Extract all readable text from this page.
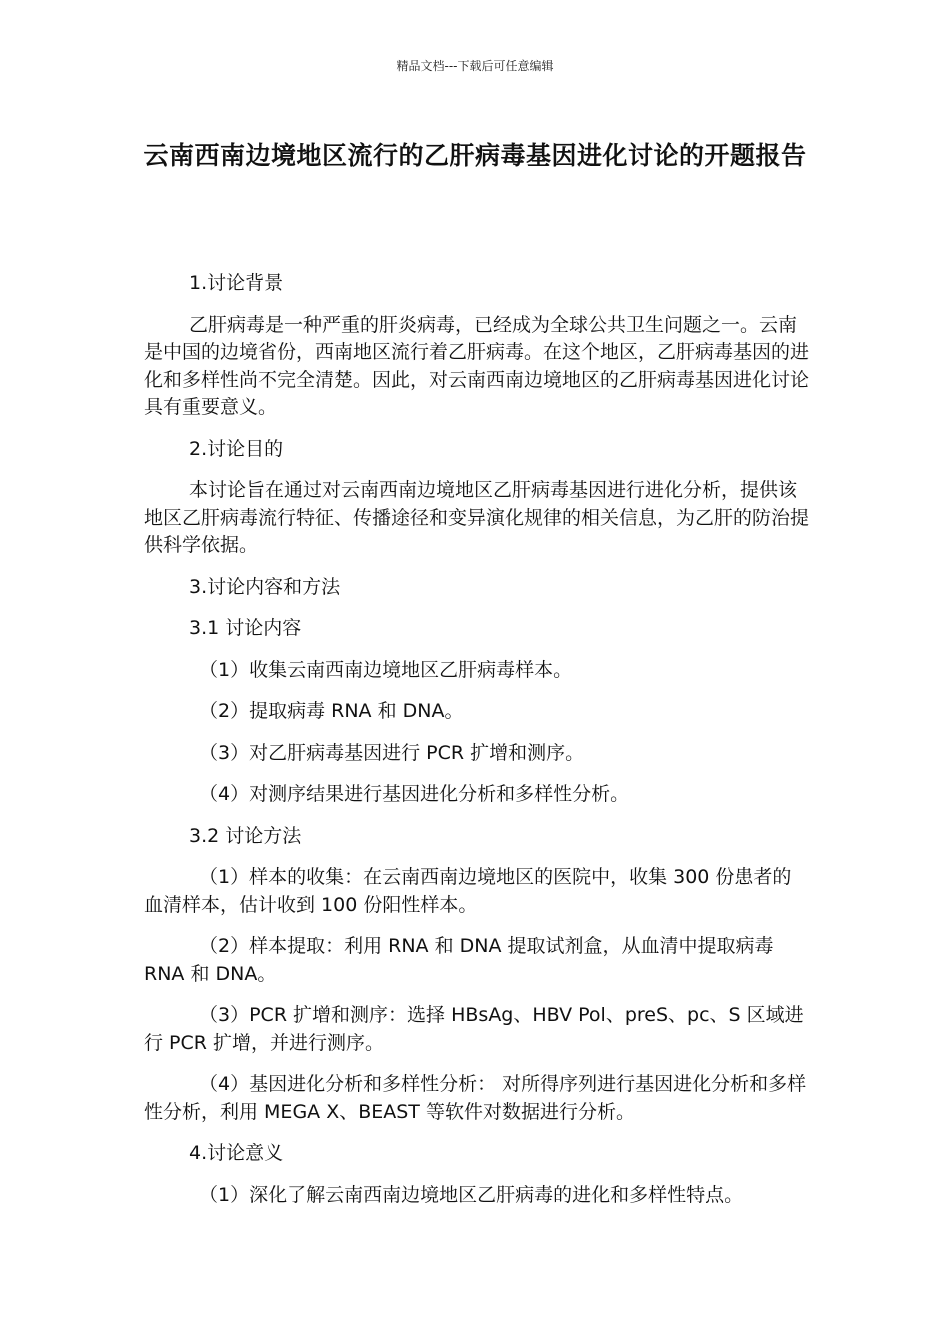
精品文档---下载后可任意编辑
云南西南边境地区流行的乙肝病毒基因进化讨论的开题报告

1.讨论背景

乙肝病毒是一种严重的肝炎病毒，已经成为全球公共卫生问题之一。云南是中国的边境省份，西南地区流行着乙肝病毒。在这个地区，乙肝病毒基因的进化和多样性尚不完全清楚。因此，对云南西南边境地区的乙肝病毒基因进化讨论具有重要意义。

2.讨论目的

本讨论旨在通过对云南西南边境地区乙肝病毒基因进行进化分析，提供该地区乙肝病毒流行特征、传播途径和变异演化规律的相关信息，为乙肝的防治提供科学依据。

3.讨论内容和方法

3.1 讨论内容

（1）收集云南西南边境地区乙肝病毒样本。

（2）提取病毒 RNA 和 DNA。

（3）对乙肝病毒基因进行 PCR 扩增和测序。

（4）对测序结果进行基因进化分析和多样性分析。

3.2 讨论方法

（1）样本的收集：在云南西南边境地区的医院中，收集 300 份患者的血清样本，估计收到 100 份阳性样本。

（2）样本提取：利用 RNA 和 DNA 提取试剂盒，从血清中提取病毒 RNA 和 DNA。

（3）PCR 扩增和测序：选择 HBsAg、HBV Pol、preS、pc、S 区域进行 PCR 扩增，并进行测序。

（4）基因进化分析和多样性分析： 对所得序列进行基因进化分析和多样性分析，利用 MEGA X、BEAST 等软件对数据进行分析。

4.讨论意义

（1）深化了解云南西南边境地区乙肝病毒的进化和多样性特点。
